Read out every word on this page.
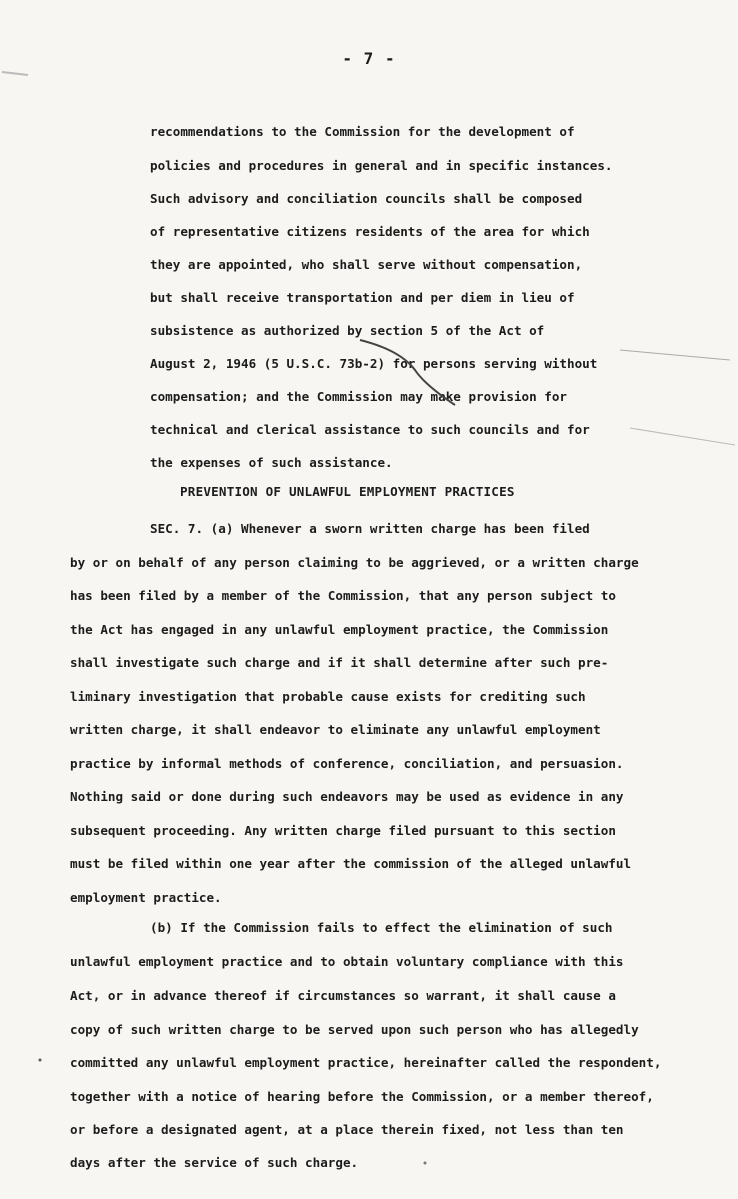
- 7 -
recommendations to the Commission for the development of
policies and procedures in general and in specific instances.
Such advisory and conciliation councils shall be composed
of representative citizens residents of the area for which
they are appointed, who shall serve without compensation,
but shall receive transportation and per diem in lieu of
subsistence as authorized by section 5 of the Act of
August 2, 1946 (5 U.S.C. 73b-2) for persons serving without
compensation; and the Commission may make provision for
technical and clerical assistance to such councils and for
the expenses of such assistance.
PREVENTION OF UNLAWFUL EMPLOYMENT PRACTICES
SEC. 7. (a) Whenever a sworn written charge has been filed
by or on behalf of any person claiming to be aggrieved, or a written charge
has been filed by a member of the Commission, that any person subject to
the Act has engaged in any unlawful employment practice, the Commission
shall investigate such charge and if it shall determine after such pre-
liminary investigation that probable cause exists for crediting such
written charge, it shall endeavor to eliminate any unlawful employment
practice by informal methods of conference, conciliation, and persuasion.
Nothing said or done during such endeavors may be used as evidence in any
subsequent proceeding. Any written charge filed pursuant to this section
must be filed within one year after the commission of the alleged unlawful
employment practice.
(b) If the Commission fails to effect the elimination of such
unlawful employment practice and to obtain voluntary compliance with this
Act, or in advance thereof if circumstances so warrant, it shall cause a
copy of such written charge to be served upon such person who has allegedly
committed any unlawful employment practice, hereinafter called the respondent,
together with a notice of hearing before the Commission, or a member thereof,
or before a designated agent, at a place therein fixed, not less than ten
days after the service of such charge.
